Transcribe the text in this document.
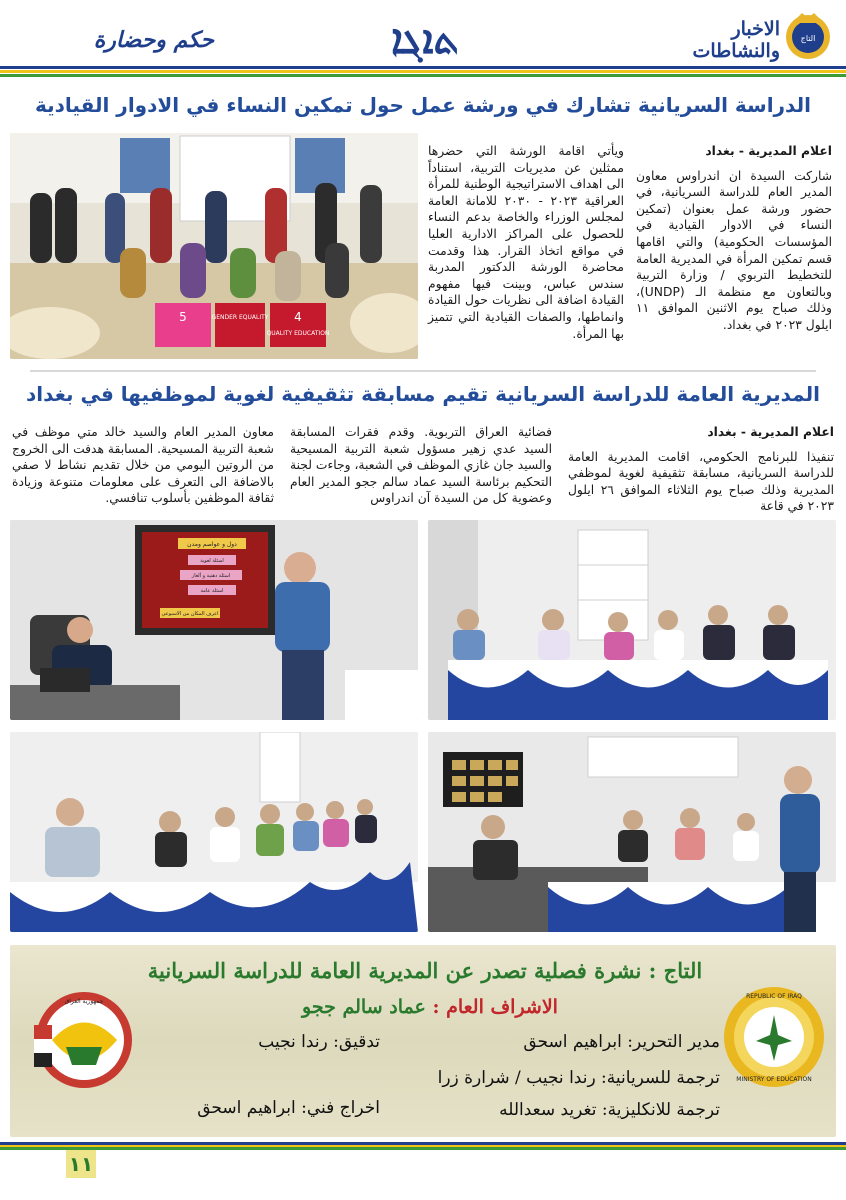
حكم وحضارة	ܬܐܓܐ	الاخبار والنشاطات
التاج
الدراسة السريانية تشارك في ورشة عمل حول تمكين النساء في الادوار القيادية
5	GENDER EQUALITY 4
QUALITY EDUCATION

ويأتي اقامة الورشة التي حضرها ممثلين عن مديريات التربية، استناداً الى اهداف الاستراتيجية الوطنية للمرأة العراقية ٢٠٢٣ - ٢٠٣٠ للامانة العامة لمجلس الوزراء والخاصة بدعم النساء للحصول على المراكز الادارية العليا في مواقع اتخاذ القرار. هذا وقدمت محاضرة الورشة الدكتور المدربة سندس عباس، وبينت فيها مفهوم القيادة اضافة الى نظريات حول القيادة وانماطها، والصفات القيادية التي تتميز بها المرأة.

اعلام المديرية - بغداد

شاركت السيدة ان اندراوس معاون المدير العام للدراسة السريانية، في حضور ورشة عمل بعنوان (تمكين النساء في الادوار القيادية في المؤسسات الحكومية) والتي اقامها قسم تمكين المرأة في المديرية العامة للتخطيط التربوي / وزارة التربية وبالتعاون مع منظمة الـ (UNDP)، وذلك صباح يوم الاثنين الموافق ١١ ايلول ٢٠٢٣ في بغداد.

المديرية العامة للدراسة السريانية تقيم مسابقة تثقيفية لغوية لموظفيها في بغداد

معاون المدير العام والسيد خالد متي موظف في شعبة التربية المسيحية. المسابقة هدفت الى الخروج من الروتين اليومي من خلال تقديم نشاط لا صفي بالاضافة الى التعرف على معلومات متنوعة وزيادة ثقافة الموظفين بأسلوب تنافسي.

فضائية العراق التربوية. وقدم فقرات المسابقة السيد عدي زهير مسؤول شعبة التربية المسيحية والسيد جان غازي الموظف في الشعبة، وجاءت لجنة التحكيم برئاسة السيد عماد سالم ججو المدير العام وعضوية كل من السيدة آن اندراوس

اعلام المديرية - بغداد

تنفيذا للبرنامج الحكومي، اقامت المديرية العامة للدراسة السريانية، مسابقة تثقيفية لغوية لموظفي المديرية وذلك صباح يوم الثلاثاء الموافق ٢٦ ايلول ٢٠٢٣ في قاعة

دول و عواصم ومدن
اسئلة لغوية
اسئلة ذهنية و ألغاز
اسئلة عامة
اعرف المكان من الاسبوعي
التاج : نشرة فصلية تصدر عن المديرية العامة للدراسة السريانية
الاشراف العام : عماد سالم ججو
مدير التحرير: ابراهيم اسحق
تدقيق: رندا نجيب
ترجمة للسريانية: رندا نجيب / شرارة زرا
اخراج فني: ابراهيم اسحق	ترجمة للانكليزية: تغريد سعدالله
REPUBLIC OF IRAQ
MINISTRY OF EDUCATION
جمهورية العراق
١١
